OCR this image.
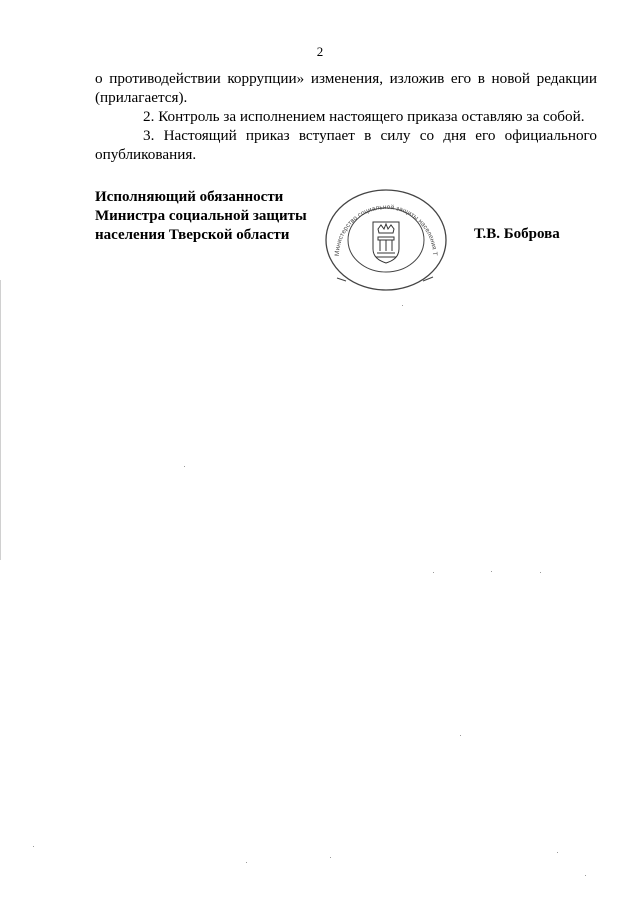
2

о противодействии коррупции» изменения, изложив его в новой редакции

(прилагается).

2. Контроль за исполнением настоящего приказа оставляю за собой.

3. Настоящий приказ вступает в силу со дня его официального

опубликования.

Исполняющий обязанности
Министра социальной защиты
населения Тверской области
Министерство социальной защиты населения Т
Т.В. Боброва
